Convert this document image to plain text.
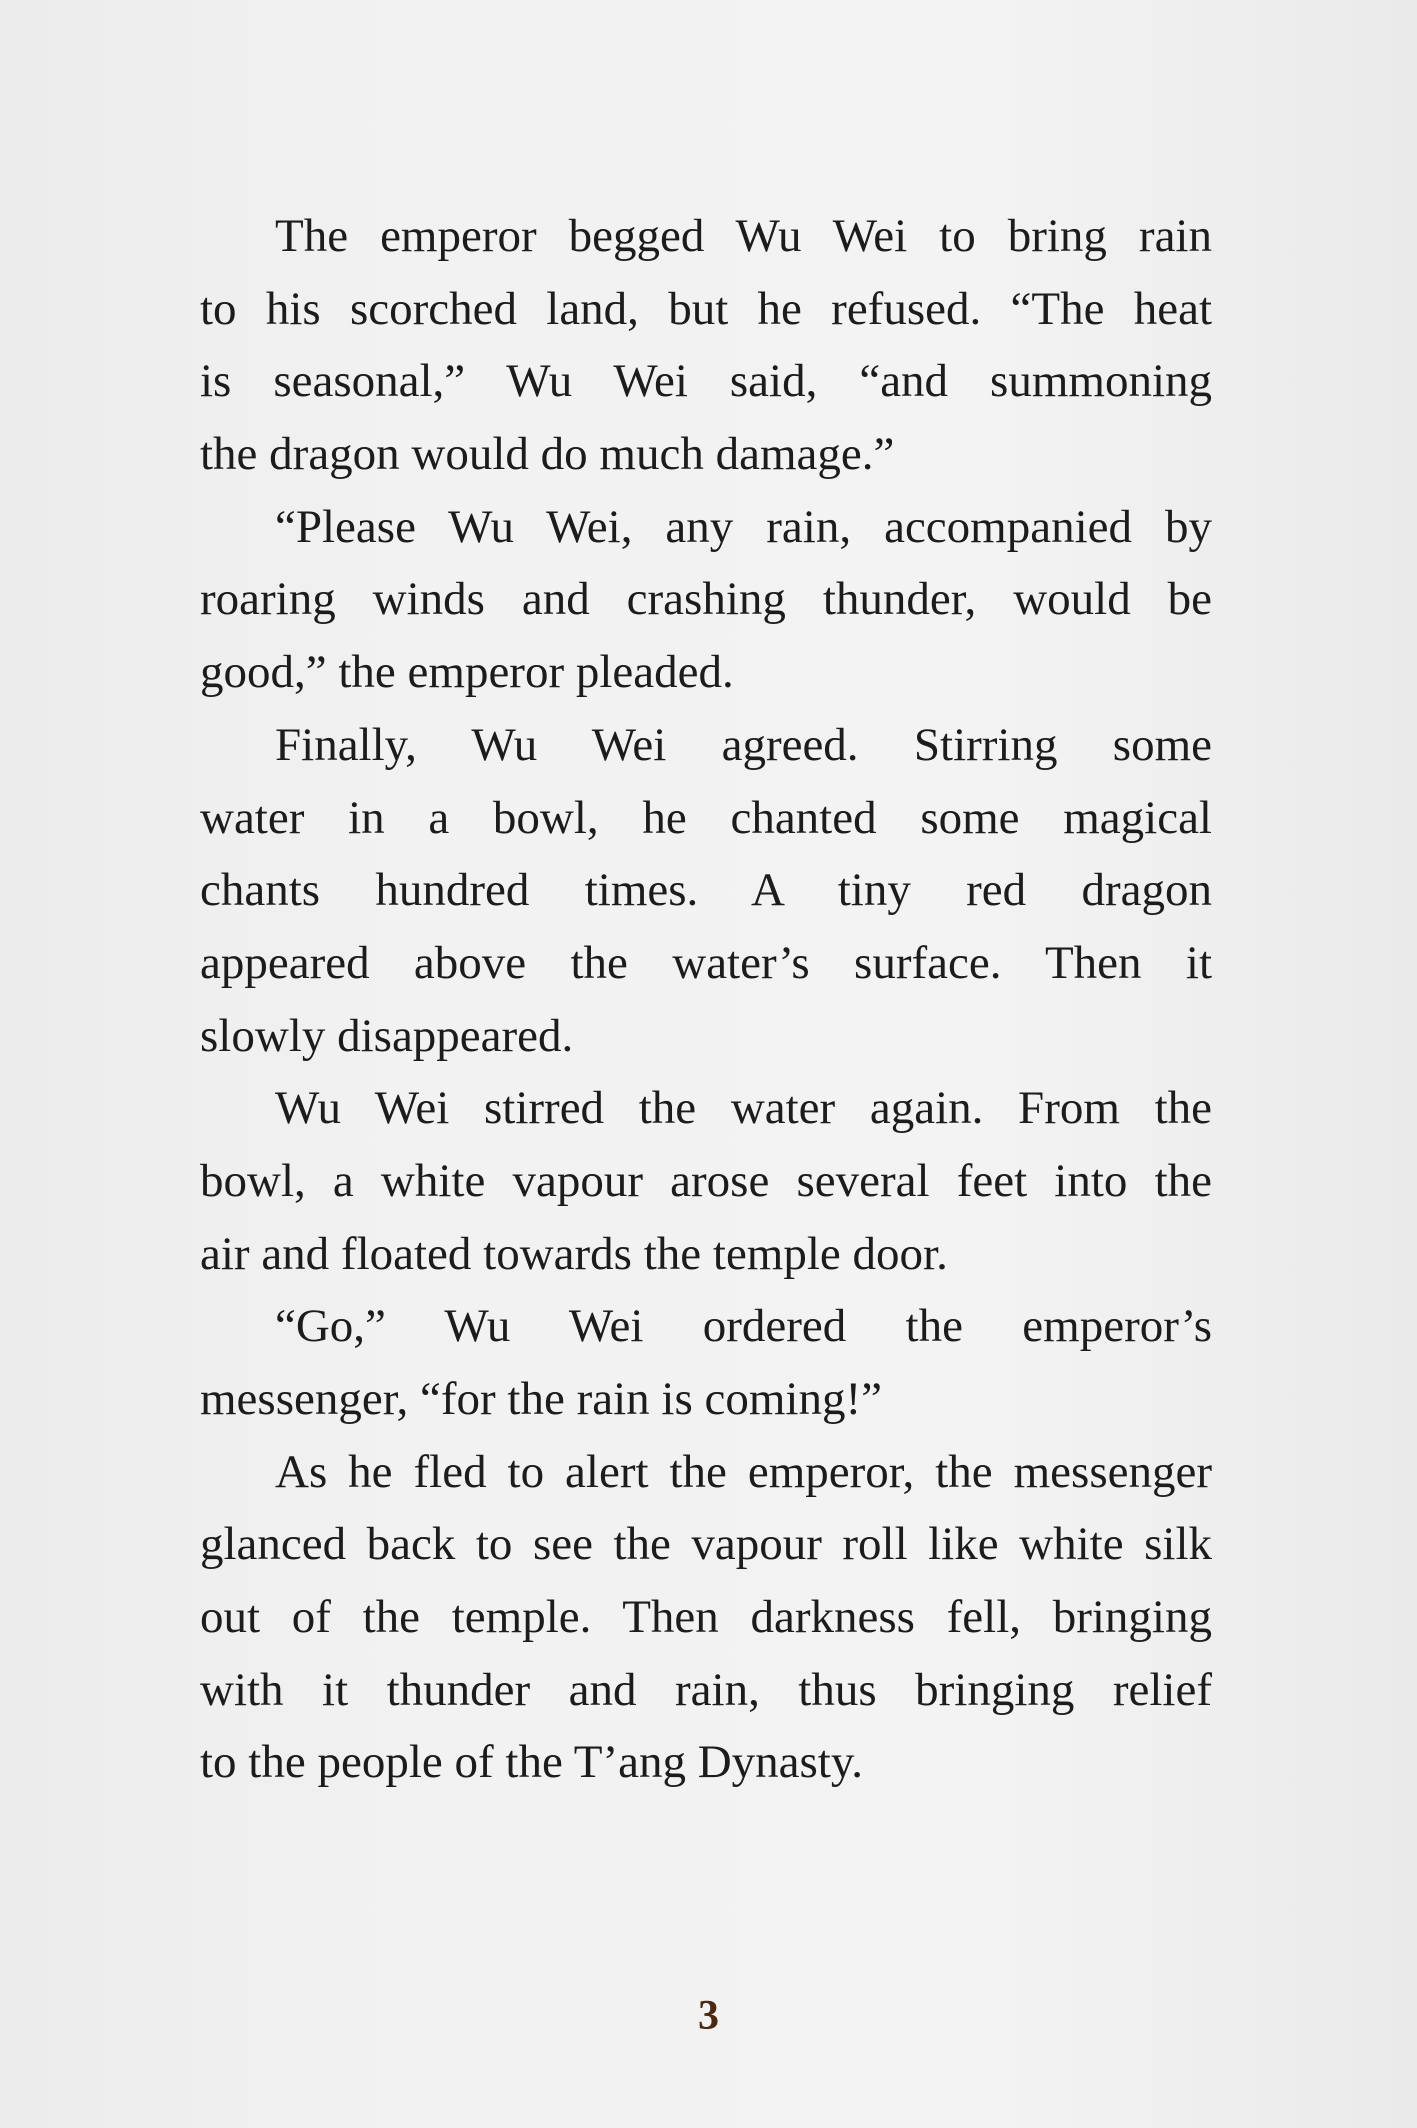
The emperor begged Wu Wei to bring rain
to his scorched land, but he refused. “The heat
is seasonal,” Wu Wei said, “and summoning
the dragon would do much damage.”
“Please Wu Wei, any rain, accompanied by
roaring winds and crashing thunder, would be
good,” the emperor pleaded.
Finally, Wu Wei agreed. Stirring some
water in a bowl, he chanted some magical
chants hundred times. A tiny red dragon
appeared above the water’s surface. Then it
slowly disappeared.
Wu Wei stirred the water again. From the
bowl, a white vapour arose several feet into the
air and floated towards the temple door.
“Go,” Wu Wei ordered the emperor’s
messenger, “for the rain is coming!”
As he fled to alert the emperor, the messenger
glanced back to see the vapour roll like white silk
out of the temple. Then darkness fell, bringing
with it thunder and rain, thus bringing relief
to the people of the T’ang Dynasty.
3
